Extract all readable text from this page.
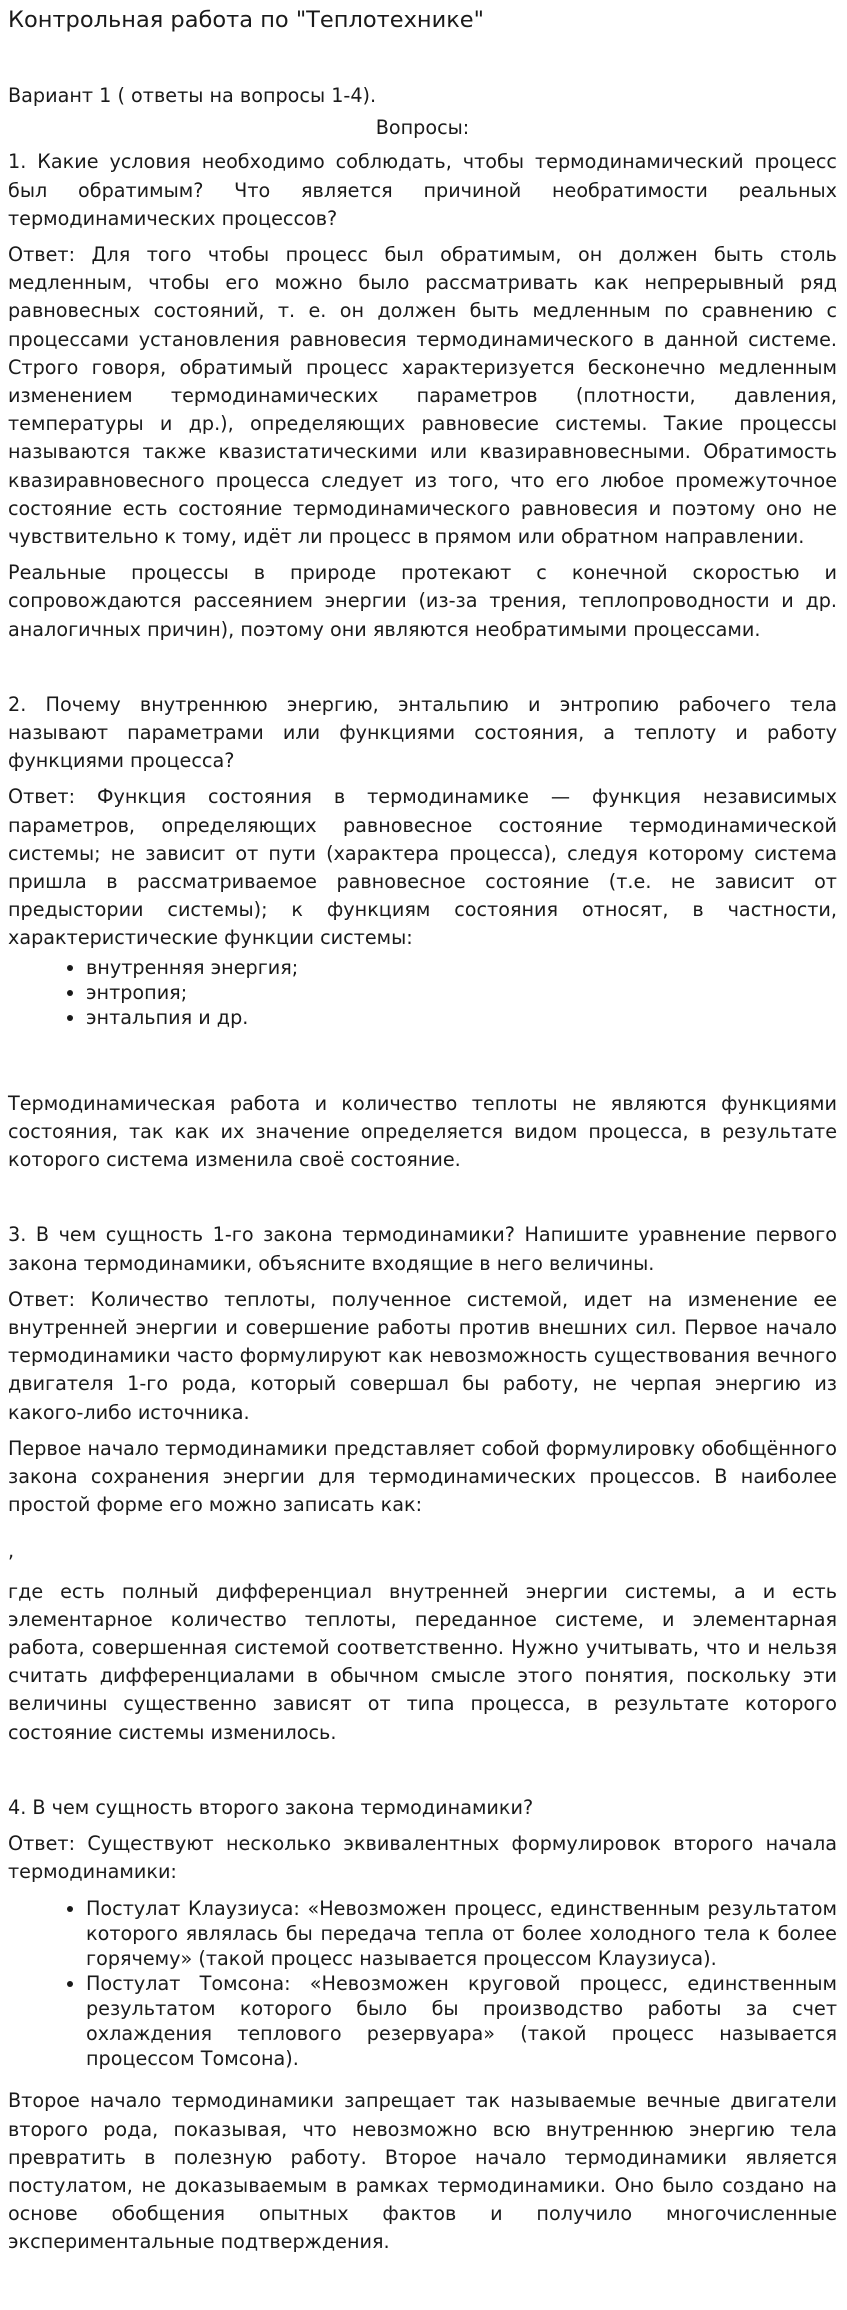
Контрольная работа по "Теплотехнике"

Вариант 1 ( ответы на вопросы 1-4).

Вопросы:

1. Какие условия необходимо соблюдать, чтобы термодинамический процесс был обратимым? Что является причиной необратимости реальных термодинамических процессов?

Ответ: Для того чтобы процесс был обратимым, он должен быть столь медленным, чтобы его можно было рассматривать как непрерывный ряд равновесных состояний, т. е. он должен быть медленным по сравнению с процессами установления равновесия термодинамического в данной системе. Строго говоря, обратимый процесс характеризуется бесконечно медленным изменением термодинамических параметров (плотности, давления, температуры и др.), определяющих равновесие системы. Такие процессы называются также квазистатическими или квазиравновесными. Обратимость квазиравновесного процесса следует из того, что его любое промежуточное состояние есть состояние термодинамического равновесия и поэтому оно не чувствительно к тому, идёт ли процесс в прямом или обратном направлении.

Реальные процессы в природе протекают с конечной скоростью и сопровождаются рассеянием энергии (из-за трения, теплопроводности и др. аналогичных причин), поэтому они являются необратимыми процессами.

2. Почему внутреннюю энергию, энтальпию и энтропию рабочего тела называют параметрами или функциями состояния, а теплоту и работу функциями процесса?

Ответ: Функция состояния в термодинамике — функция независимых параметров, определяющих равновесное состояние термодинамической системы; не зависит от пути (характера процесса), следуя которому система пришла в рассматриваемое равновесное состояние (т.е. не зависит от предыстории системы); к функциям состояния относят, в частности, характеристические функции системы:

• внутренняя энергия;
• энтропия;
• энтальпия и др.

Термодинамическая работа и количество теплоты не являются функциями состояния, так как их значение определяется видом процесса, в результате которого система изменила своё состояние.

3. В чем сущность 1-го закона термодинамики? Напишите уравнение первого закона термодинамики, объясните входящие в него величины.

Ответ: Количество теплоты, полученное системой, идет на изменение ее внутренней энергии и совершение работы против внешних сил. Первое начало термодинамики часто формулируют как невозможность существования вечного двигателя 1-го рода, который совершал бы работу, не черпая энергию из какого-либо источника.

Первое начало термодинамики представляет собой формулировку обобщённого закона сохранения энергии для термодинамических процессов. В наиболее простой форме его можно записать как:

,

где есть полный дифференциал внутренней энергии системы, а и есть элементарное количество теплоты, переданное системе, и элементарная работа, совершенная системой соответственно. Нужно учитывать, что и нельзя считать дифференциалами в обычном смысле этого понятия, поскольку эти величины существенно зависят от типа процесса, в результате которого состояние системы изменилось.

4. В чем сущность второго закона термодинамики?

Ответ: Существуют несколько эквивалентных формулировок второго начала термодинамики:

• Постулат Клаузиуса: «Невозможен процесс, единственным результатом которого являлась бы передача тепла от более холодного тела к более горячему» (такой процесс называется процессом Клаузиуса).
• Постулат Томсона: «Невозможен круговой процесс, единственным результатом которого было бы производство работы за счет охлаждения теплового резервуара» (такой процесс называется процессом Томсона).

Второе начало термодинамики запрещает так называемые вечные двигатели второго рода, показывая, что невозможно всю внутреннюю энергию тела превратить в полезную работу. Второе начало термодинамики является постулатом, не доказываемым в рамках термодинамики. Оно было создано на основе обобщения опытных фактов и получило многочисленные экспериментальные подтверждения.
